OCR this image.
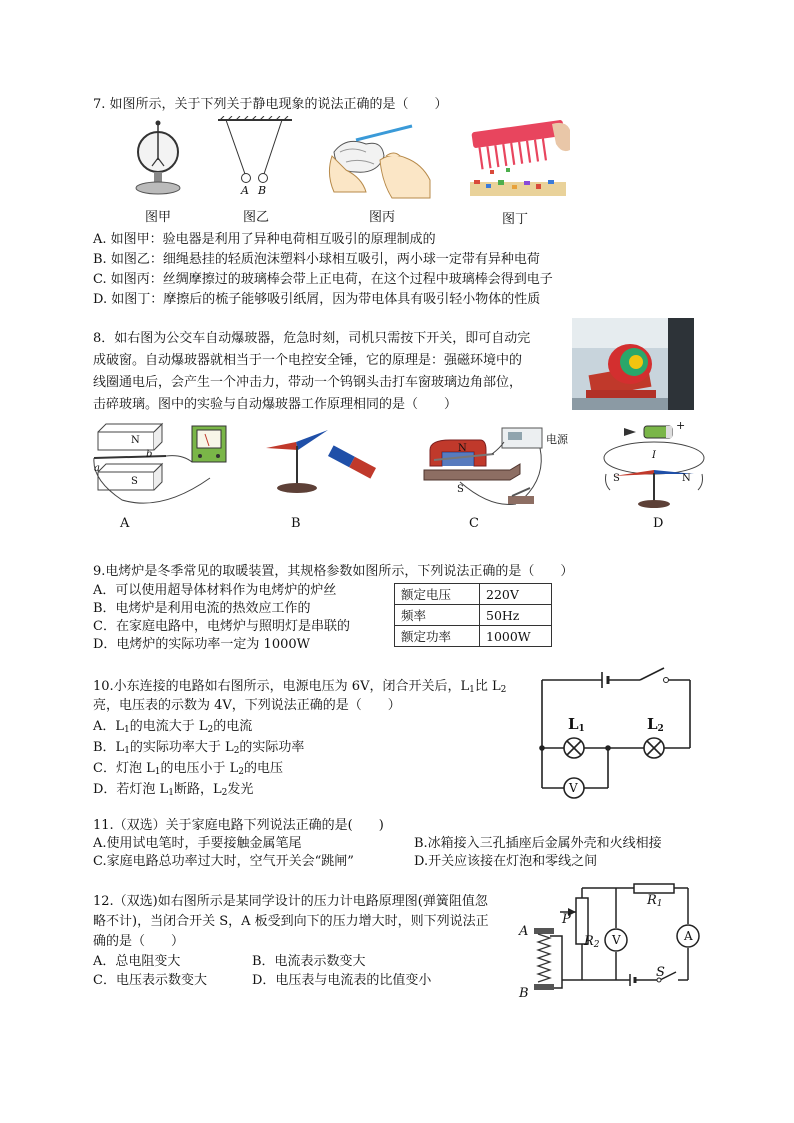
7. 如图所示，关于下列关于静电现象的说法正确的是（　　）
A B
图甲	图乙	图丙	图丁
A. 如图甲：验电器是利用了异种电荷相互吸引的原理制成的
B. 如图乙：细绳悬挂的轻质泡沫塑料小球相互吸引，两小球一定带有异种电荷
C. 如图丙：丝绸摩擦过的玻璃棒会带上正电荷，在这个过程中玻璃棒会得到电子
D. 如图丁：摩擦后的梳子能够吸引纸屑，因为带电体具有吸引轻小物体的性质
8．如右图为公交车自动爆玻器，危急时刻，司机只需按下开关，即可自动完
成破窗。自动爆玻器就相当于一个电控安全锤，它的原理是：强磁环境中的
线圈通电后，会产生一个冲击力，带动一个钨钢头击打车窗玻璃边角部位，
击碎玻璃。图中的实验与自动爆玻器工作原理相同的是（　　）
N
S
a
b
N
S
电源
S	N
I
+
A	B	C	D
9.电烤炉是冬季常见的取暖装置，其规格参数如图所示，下列说法正确的是（　　）
A．可以使用超导体材料作为电烤炉的炉丝
B．电烤炉是利用电流的热效应工作的
C．在家庭电路中，电烤炉与照明灯是串联的
D．电烤炉的实际功率一定为 1000W
额定电压	220V
频率	50Hz
额定功率	1000W
10.小东连接的电路如右图所示，电源电压为 6V，闭合开关后，$L_1$比 $L_2$
亮，电压表的示数为 4V，下列说法正确的是（　　）
A．$L_1$的电流大于 $L_2$的电流
B．$L_1$的实际功率大于 $L_2$的实际功率
C．灯泡 $L_1$的电压小于 $L_2$的电压
D．若灯泡 $L_1$断路，$L_2$发光
$L_1$	$L_2$
V
11.（双选）关于家庭电路下列说法正确的是(　　)
A.使用试电笔时，手要接触金属笔尾	B.冰箱接入三孔插座后金属外壳和火线相接
C.家庭电路总功率过大时，空气开关会“跳闸”	D.开关应该接在灯泡和零线之间
12.（双选)如右图所示是某同学设计的压力计电路原理图(弹簧阻值忽
略不计)，当闭合开关 S，A 板受到向下的压力增大时，则下列说法正
确的是（　　）
A．总电阻变大	B．电流表示数变大
C．电压表示数变大	D．电压表与电流表的比值变小
A
B
P
$R_1$
$R_2$
S
V	A
